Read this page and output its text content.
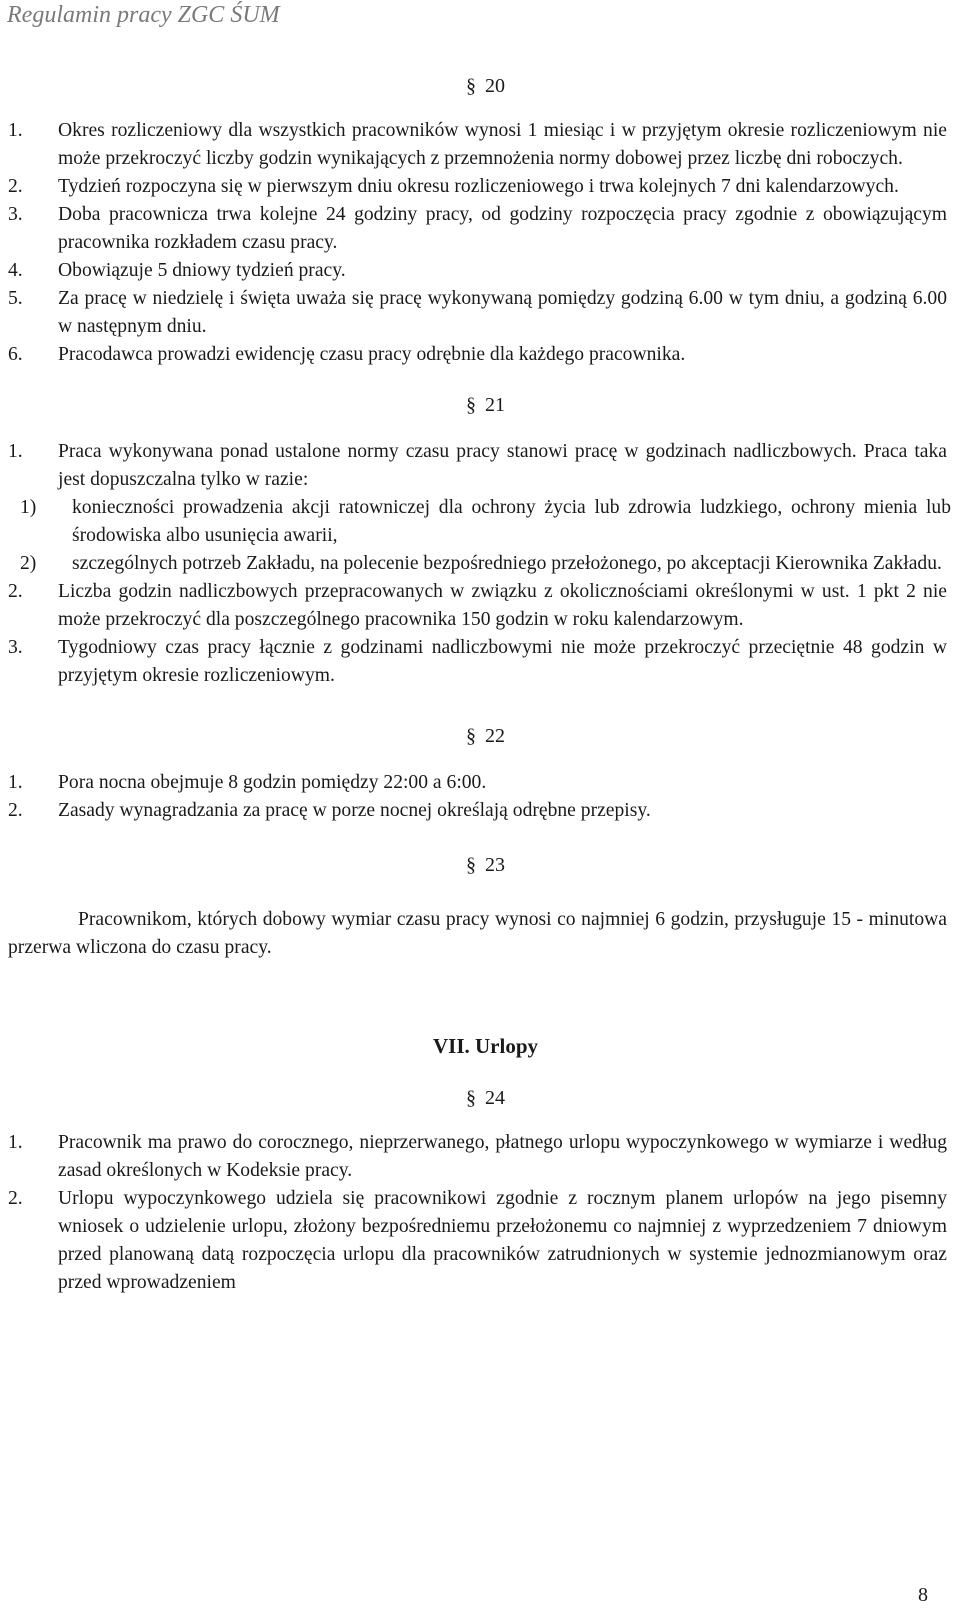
Regulamin pracy ZGC ŚUM
§ 20
1.	Okres rozliczeniowy dla wszystkich pracowników wynosi 1 miesiąc i w przyjętym okresie rozliczeniowym nie może przekroczyć liczby godzin wynikających z przemnożenia normy dobowej przez liczbę dni roboczych.
2.	Tydzień rozpoczyna się w pierwszym dniu okresu rozliczeniowego i trwa kolejnych 7 dni kalendarzowych.
3.	Doba pracownicza trwa kolejne 24 godziny pracy, od godziny rozpoczęcia pracy zgodnie z obowiązującym pracownika rozkładem czasu pracy.
4.	Obowiązuje 5 dniowy tydzień pracy.
5.	Za pracę w niedzielę i święta uważa się pracę wykonywaną pomiędzy godziną 6.00 w tym dniu, a godziną 6.00 w następnym dniu.
6.	Pracodawca prowadzi ewidencję czasu pracy odrębnie dla każdego pracownika.
§ 21
1.	Praca wykonywana ponad ustalone normy czasu pracy stanowi pracę w godzinach nadliczbowych. Praca taka jest dopuszczalna tylko w razie:
1)	konieczności prowadzenia akcji ratowniczej dla ochrony życia lub zdrowia ludzkiego, ochrony mienia lub środowiska albo usunięcia awarii,
2)	szczególnych potrzeb Zakładu, na polecenie bezpośredniego przełożonego, po akceptacji Kierownika Zakładu.
2.	Liczba godzin nadliczbowych przepracowanych w związku z okolicznościami określonymi w ust. 1 pkt 2 nie może przekroczyć dla poszczególnego pracownika 150 godzin w roku kalendarzowym.
3.	Tygodniowy czas pracy łącznie z godzinami nadliczbowymi nie może przekroczyć przeciętnie 48 godzin w przyjętym okresie rozliczeniowym.
§ 22
1.	Pora nocna obejmuje 8 godzin pomiędzy 22:00 a 6:00.
2.	Zasady wynagradzania za pracę w porze nocnej określają odrębne przepisy.
§ 23
Pracownikom, których dobowy wymiar czasu pracy wynosi co najmniej 6 godzin, przysługuje 15 - minutowa przerwa wliczona do czasu pracy.
VII. Urlopy
§ 24
1.	Pracownik ma prawo do corocznego, nieprzerwanego, płatnego urlopu wypoczynkowego w wymiarze i według zasad określonych w Kodeksie pracy.
2.	Urlopu wypoczynkowego udziela się pracownikowi zgodnie z rocznym planem urlopów na jego pisemny wniosek o udzielenie urlopu, złożony bezpośredniemu przełożonemu co najmniej z wyprzedzeniem 7 dniowym przed planowaną datą rozpoczęcia urlopu dla pracowników zatrudnionych w systemie jednozmianowym oraz przed wprowadzeniem
8
